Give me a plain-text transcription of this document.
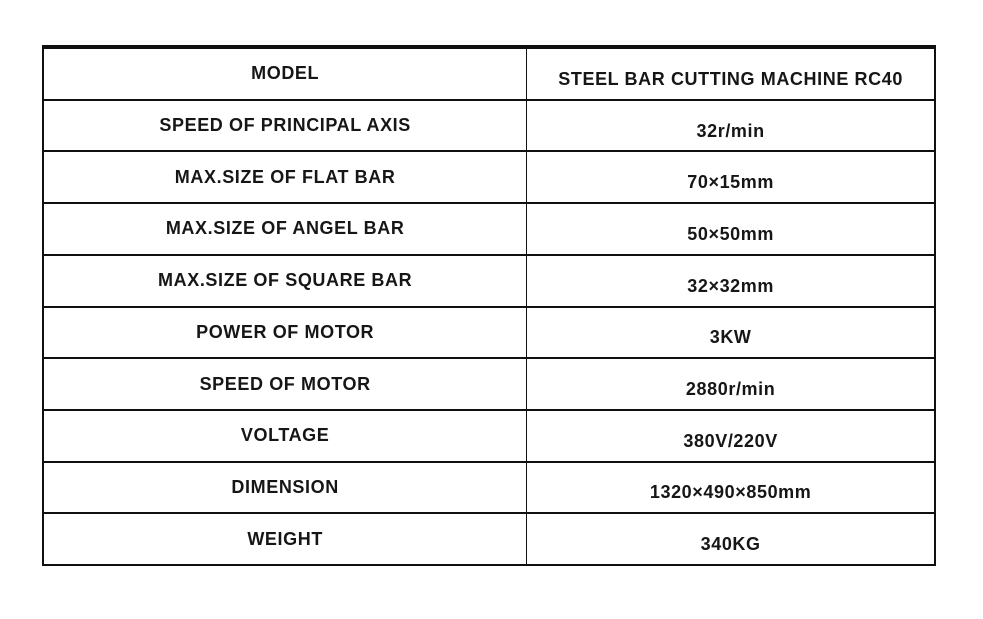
MODEL	STEEL BAR CUTTING MACHINE RC40
SPEED OF PRINCIPAL AXIS	32r/min
MAX.SIZE OF FLAT BAR	70×15mm
MAX.SIZE OF ANGEL BAR	50×50mm
MAX.SIZE OF SQUARE BAR	32×32mm
POWER OF MOTOR	3KW
SPEED OF MOTOR	2880r/min
VOLTAGE	380V/220V
DIMENSION	1320×490×850mm
WEIGHT	340KG
